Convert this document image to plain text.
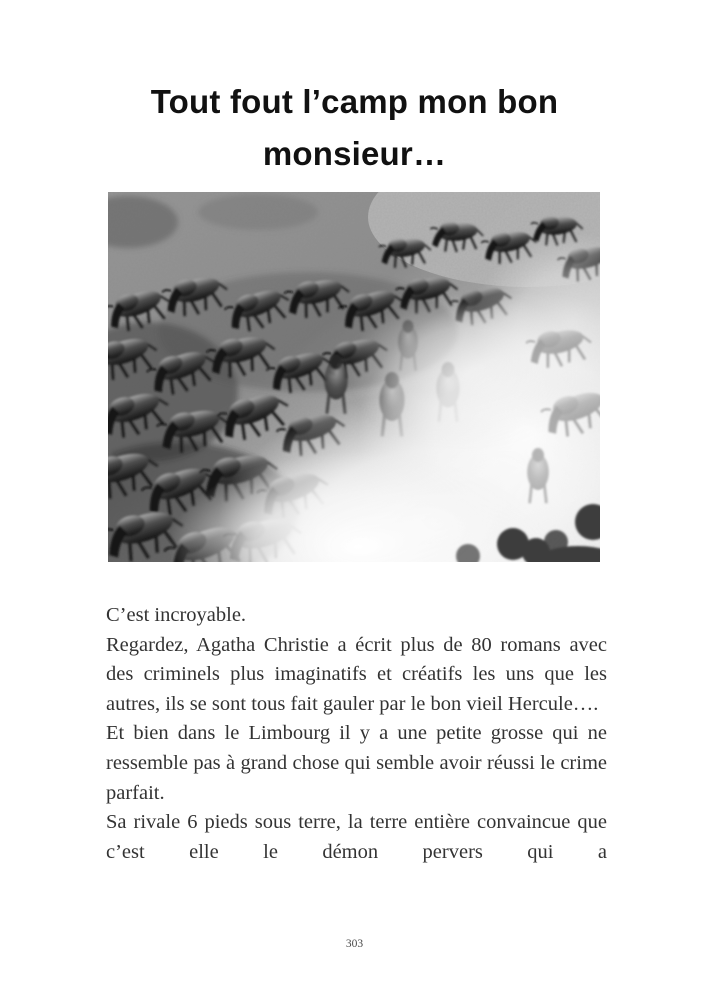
Tout fout l’camp mon bon
monsieur…

C’est incroyable.

Regardez, Agatha Christie a écrit plus de 80 romans avec des criminels plus imaginatifs et créatifs les uns que les autres, ils se sont tous fait gauler par le bon vieil Hercule….

Et bien dans le Limbourg il y a une petite grosse qui ne ressemble pas à grand chose qui semble avoir réussi le crime parfait.

Sa rivale 6 pieds sous terre, la terre entière convaincue que c’est elle le démon pervers qui a

303
